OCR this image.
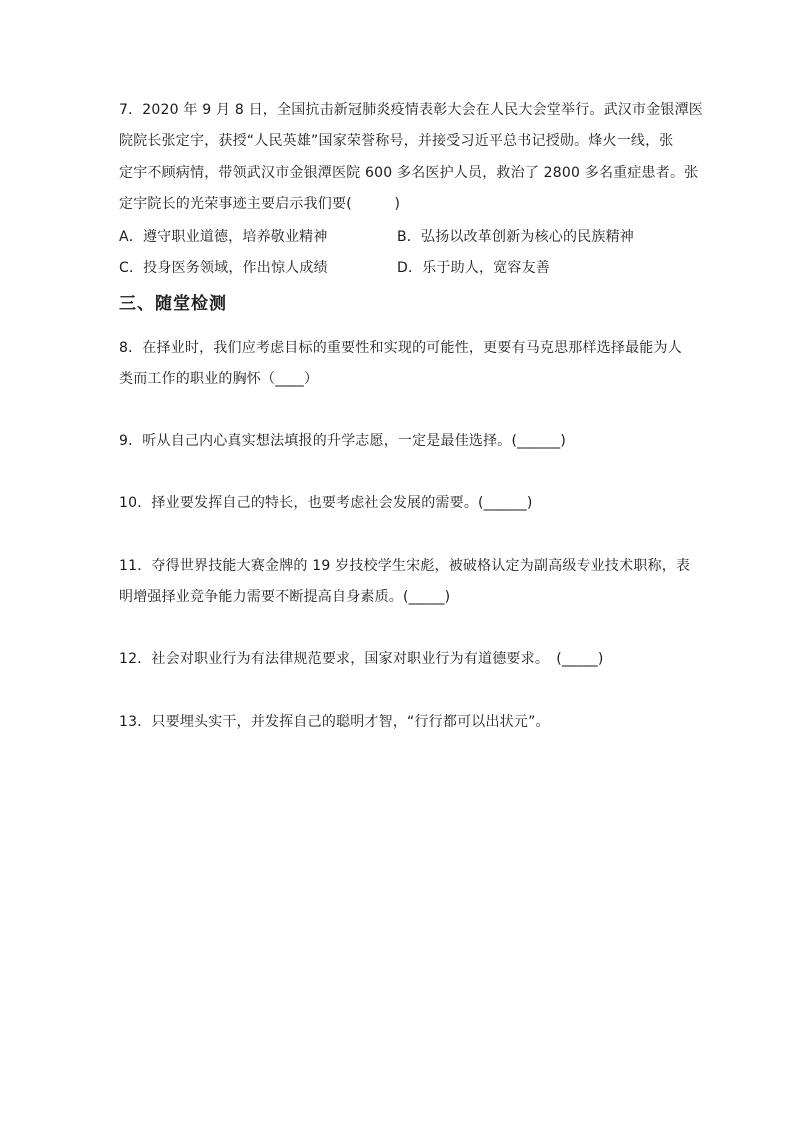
7．2020 年 9 月 8 日，全国抗击新冠肺炎疫情表彰大会在人民大会堂举行。武汉市金银潭医
院院长张定宇，获授“人民英雄”国家荣誉称号，并接受习近平总书记授勋。烽火一线，张
定宇不顾病情，带领武汉市金银潭医院 600 多名医护人员，救治了 2800 多名重症患者。张
定宇院长的光荣事迹主要启示我们要(　　　)
A．遵守职业道德，培养敬业精神	B．弘扬以改革创新为核心的民族精神
C．投身医务领域，作出惊人成绩	D．乐于助人，宽容友善
三、随堂检测
8．在择业时，我们应考虑目标的重要性和实现的可能性，更要有马克思那样选择最能为人
类而工作的职业的胸怀（____）
9．听从自己内心真实想法填报的升学志愿，一定是最佳选择。(______)
10．择业要发挥自己的特长，也要考虑社会发展的需要。(______)
11．夺得世界技能大赛金牌的 19 岁技校学生宋彪，被破格认定为副高级专业技术职称，表
明增强择业竞争能力需要不断提高自身素质。(_____)
12．社会对职业行为有法律规范要求，国家对职业行为有道德要求。　(_____)
13．只要埋头实干，并发挥自己的聪明才智，“行行都可以出状元”。
